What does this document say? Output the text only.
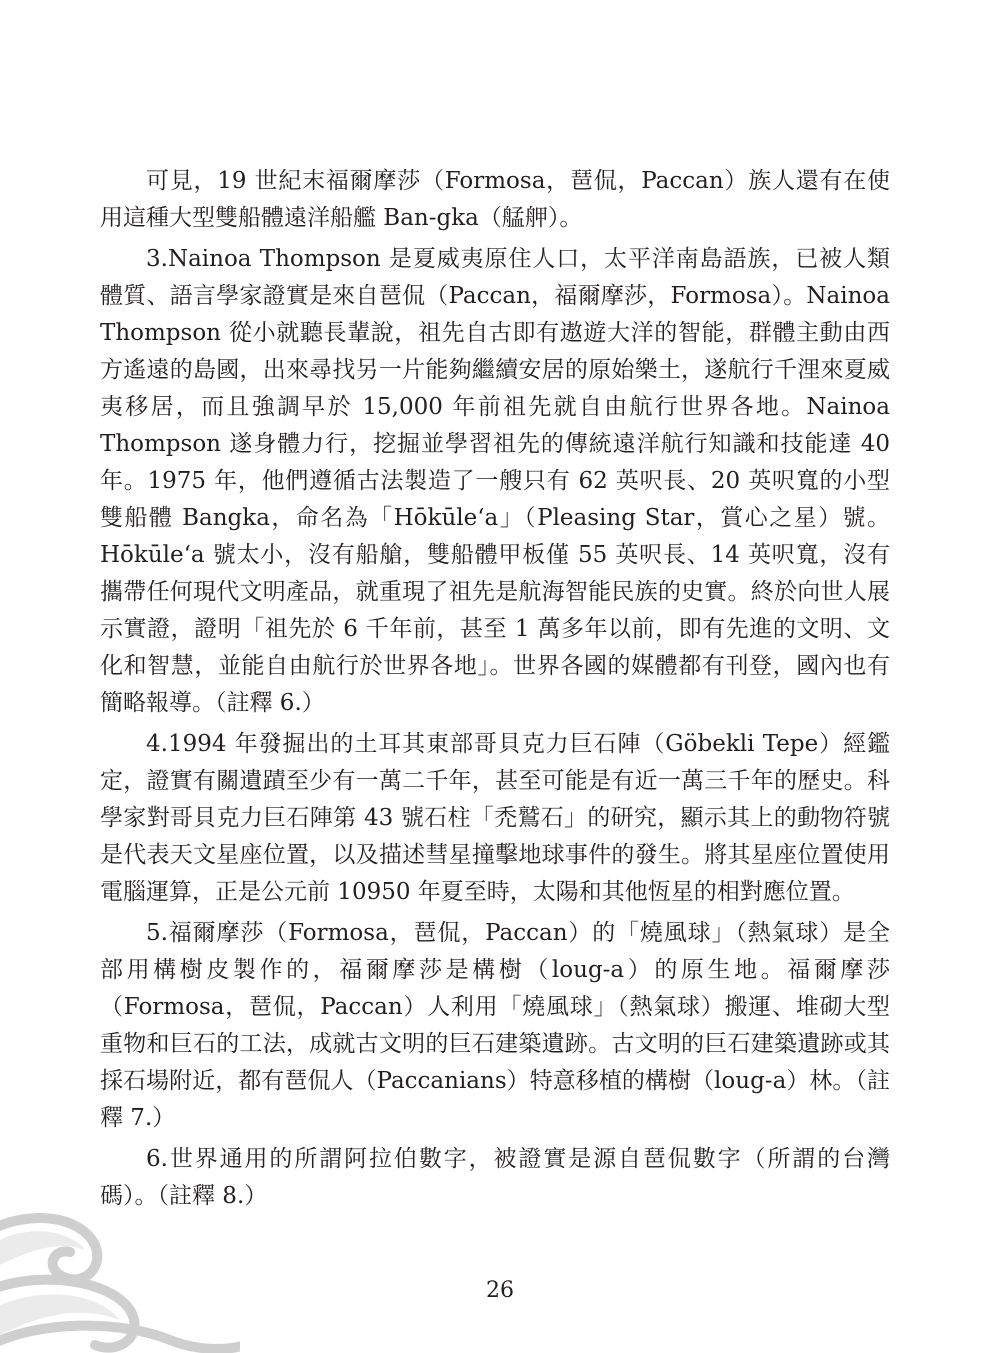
可見，19 世紀末福爾摩莎（Formosa，琶侃，Paccan）族人還有在使用這種大型雙船體遠洋船艦 Ban-gka（艋舺）。

3.Nainoa Thompson 是夏威夷原住人口，太平洋南島語族，已被人類體質、語言學家證實是來自琶侃（Paccan，福爾摩莎，Formosa）。Nainoa Thompson 從小就聽長輩說，祖先自古即有遨遊大洋的智能，群體主動由西方遙遠的島國，出來尋找另一片能夠繼續安居的原始樂土，遂航行千浬來夏威夷移居，而且強調早於 15,000 年前祖先就自由航行世界各地。Nainoa Thompson 遂身體力行，挖掘並學習祖先的傳統遠洋航行知識和技能達 40 年。1975 年，他們遵循古法製造了一艘只有 62 英呎長、20 英呎寬的小型雙船體 Bangka，命名為「Hōkūle‘a」（Pleasing Star，賞心之星）號。Hōkūle‘a 號太小，沒有船艙，雙船體甲板僅 55 英呎長、14 英呎寬，沒有攜帶任何現代文明產品，就重現了祖先是航海智能民族的史實。終於向世人展示實證，證明「祖先於 6 千年前，甚至 1 萬多年以前，即有先進的文明、文化和智慧，並能自由航行於世界各地」。世界各國的媒體都有刊登，國內也有簡略報導。（註釋 6.）

4.1994 年發掘出的土耳其東部哥貝克力巨石陣（Göbekli Tepe）經鑑定，證實有關遺蹟至少有一萬二千年，甚至可能是有近一萬三千年的歷史。科學家對哥貝克力巨石陣第 43 號石柱「禿鷲石」的研究，顯示其上的動物符號是代表天文星座位置，以及描述彗星撞擊地球事件的發生。將其星座位置使用電腦運算，正是公元前 10950 年夏至時，太陽和其他恆星的相對應位置。

5.福爾摩莎（Formosa，琶侃，Paccan）的「燒風球」（熱氣球）是全部用構樹皮製作的，福爾摩莎是構樹（loug-a）的原生地。福爾摩莎（Formosa，琶侃，Paccan）人利用「燒風球」（熱氣球）搬運、堆砌大型重物和巨石的工法，成就古文明的巨石建築遺跡。古文明的巨石建築遺跡或其採石場附近，都有琶侃人（Paccanians）特意移植的構樹（loug-a）林。（註釋 7.）

6.世界通用的所謂阿拉伯數字，被證實是源自琶侃數字（所謂的台灣碼）。（註釋 8.）

26
